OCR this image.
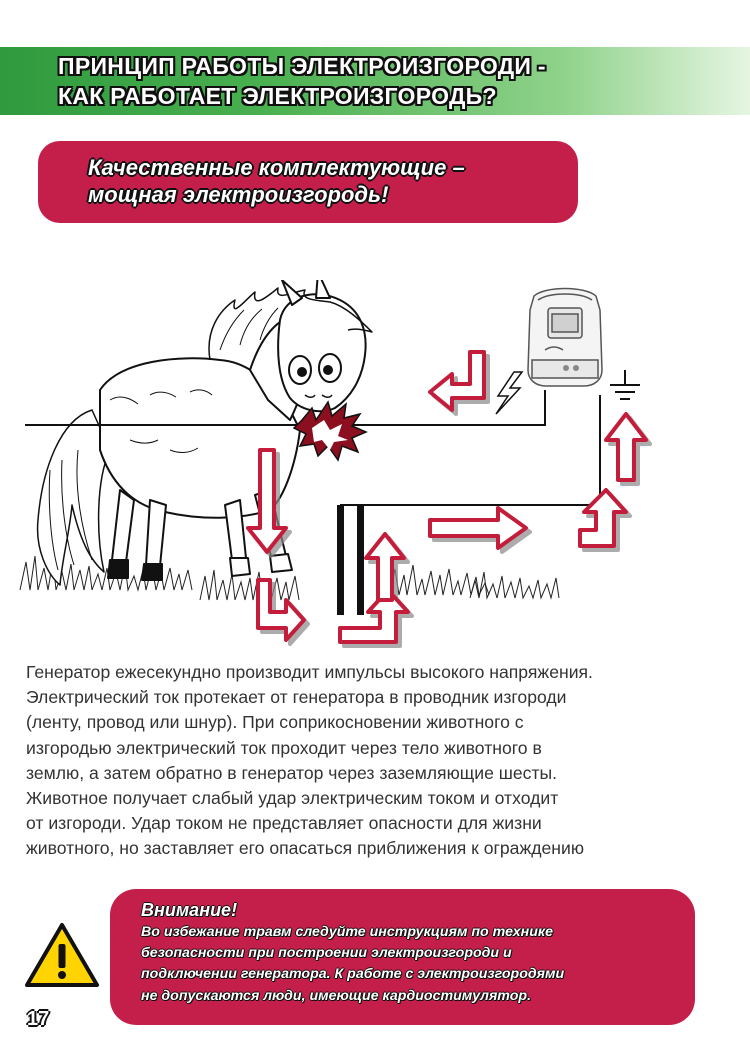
ПРИНЦИП РАБОТЫ ЭЛЕКТРОИЗГОРОДИ -
КАК РАБОТАЕТ ЭЛЕКТРОИЗГОРОДЬ?

Качественные комплектующие –
мощная электроизгородь!

Генератор ежесекундно производит импульсы высокого напряжения.
Электрический ток протекает от генератора в проводник изгороди
(ленту, провод или шнур). При соприкосновении животного с
изгородью электрический ток проходит через тело животного в
землю, а затем обратно в генератор через заземляющие шесты.
Животное получает слабый удар электрическим током и отходит
от изгороди. Удар током не представляет опасности для жизни
животного, но заставляет его опасаться приближения к ограждению

Внимание!

Во избежание травм следуйте инструкциям по технике
безопасности при построении электроизгороди и
подключении генератора. К работе с электроизгородями
не допускаются люди, имеющие кардиостимулятор.

17
